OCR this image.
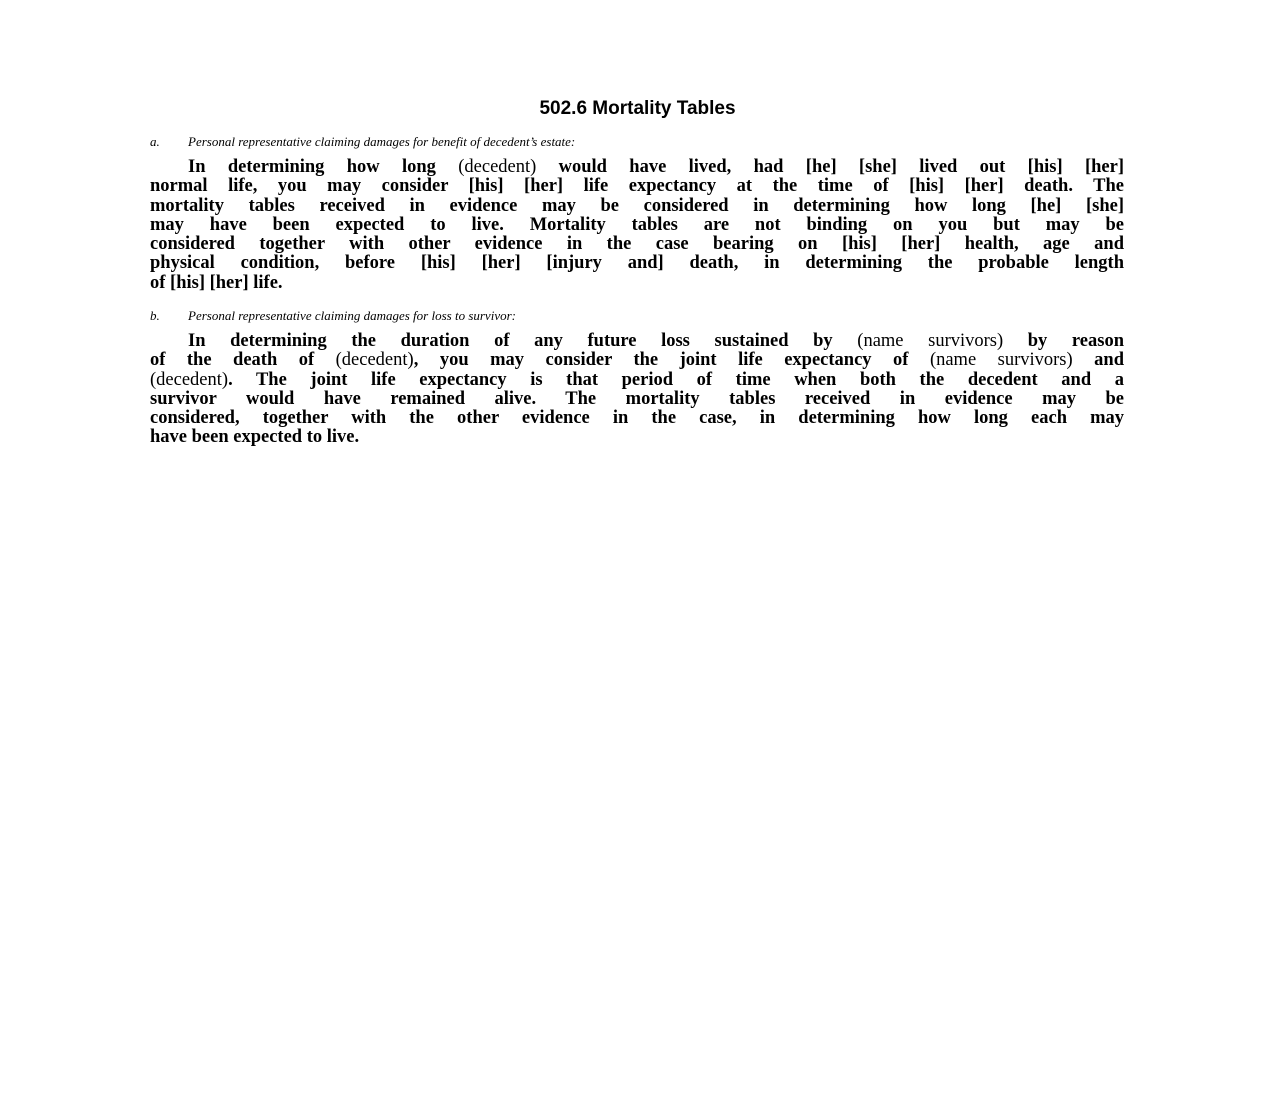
502.6 Mortality Tables
a. Personal representative claiming damages for benefit of decedent’s estate:
In determining how long (decedent) would have lived, had [he] [she] lived out [his] [her]
normal life, you may consider [his] [her] life expectancy at the time of [his] [her] death. The
mortality tables received in evidence may be considered in determining how long [he] [she]
may have been expected to live. Mortality tables are not binding on you but may be
considered together with other evidence in the case bearing on [his] [her] health, age and
physical condition, before [his] [her] [injury and] death, in determining the probable length
of [his] [her] life.
b. Personal representative claiming damages for loss to survivor:
In determining the duration of any future loss sustained by (name survivors) by reason
of the death of (decedent), you may consider the joint life expectancy of (name survivors) and
(decedent). The joint life expectancy is that period of time when both the decedent and a
survivor would have remained alive. The mortality tables received in evidence may be
considered, together with the other evidence in the case, in determining how long each may
have been expected to live.
